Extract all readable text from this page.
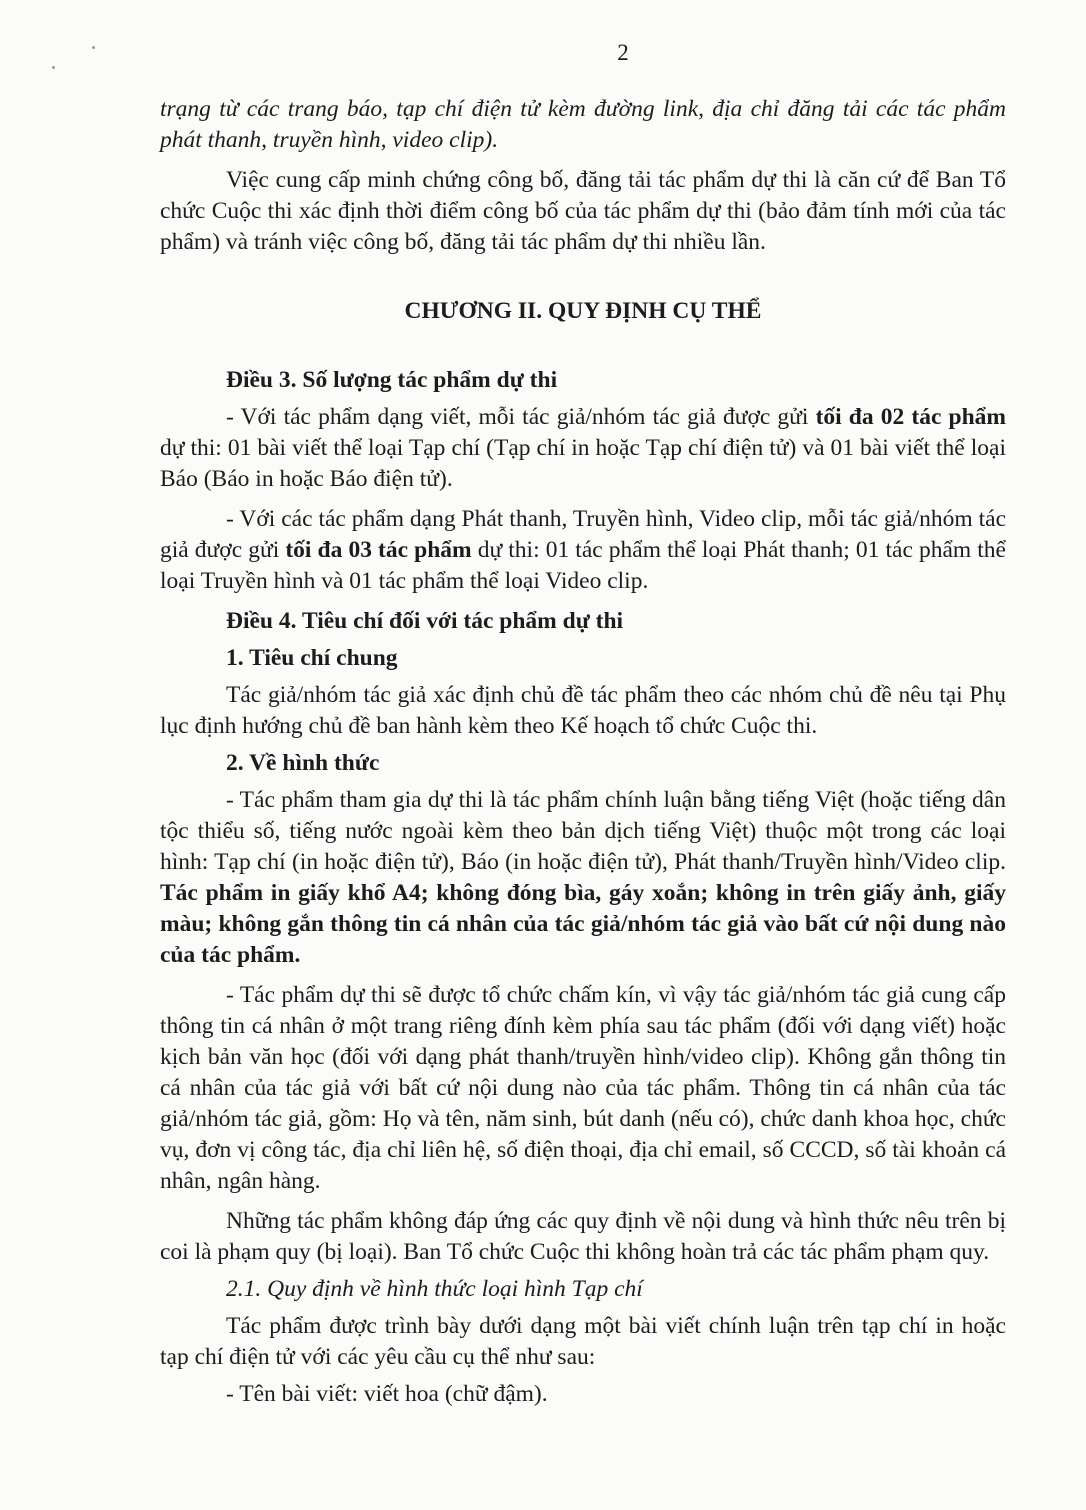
2

trạng từ các trang báo, tạp chí điện tử kèm đường link, địa chỉ đăng tải các tác phẩm phát thanh, truyền hình, video clip).

Việc cung cấp minh chứng công bố, đăng tải tác phẩm dự thi là căn cứ để Ban Tổ chức Cuộc thi xác định thời điểm công bố của tác phẩm dự thi (bảo đảm tính mới của tác phẩm) và tránh việc công bố, đăng tải tác phẩm dự thi nhiều lần.

CHƯƠNG II. QUY ĐỊNH CỤ THỂ

Điều 3. Số lượng tác phẩm dự thi

- Với tác phẩm dạng viết, mỗi tác giả/nhóm tác giả được gửi tối đa 02 tác phẩm dự thi: 01 bài viết thể loại Tạp chí (Tạp chí in hoặc Tạp chí điện tử) và 01 bài viết thể loại Báo (Báo in hoặc Báo điện tử).

- Với các tác phẩm dạng Phát thanh, Truyền hình, Video clip, mỗi tác giả/nhóm tác giả được gửi tối đa 03 tác phẩm dự thi: 01 tác phẩm thể loại Phát thanh; 01 tác phẩm thể loại Truyền hình và 01 tác phẩm thể loại Video clip.

Điều 4. Tiêu chí đối với tác phẩm dự thi

1. Tiêu chí chung

Tác giả/nhóm tác giả xác định chủ đề tác phẩm theo các nhóm chủ đề nêu tại Phụ lục định hướng chủ đề ban hành kèm theo Kế hoạch tổ chức Cuộc thi.

2. Về hình thức

- Tác phẩm tham gia dự thi là tác phẩm chính luận bằng tiếng Việt (hoặc tiếng dân tộc thiểu số, tiếng nước ngoài kèm theo bản dịch tiếng Việt) thuộc một trong các loại hình: Tạp chí (in hoặc điện tử), Báo (in hoặc điện tử), Phát thanh/Truyền hình/Video clip. Tác phẩm in giấy khổ A4; không đóng bìa, gáy xoắn; không in trên giấy ảnh, giấy màu; không gắn thông tin cá nhân của tác giả/nhóm tác giả vào bất cứ nội dung nào của tác phẩm.

- Tác phẩm dự thi sẽ được tổ chức chấm kín, vì vậy tác giả/nhóm tác giả cung cấp thông tin cá nhân ở một trang riêng đính kèm phía sau tác phẩm (đối với dạng viết) hoặc kịch bản văn học (đối với dạng phát thanh/truyền hình/video clip). Không gắn thông tin cá nhân của tác giả với bất cứ nội dung nào của tác phẩm. Thông tin cá nhân của tác giả/nhóm tác giả, gồm: Họ và tên, năm sinh, bút danh (nếu có), chức danh khoa học, chức vụ, đơn vị công tác, địa chỉ liên hệ, số điện thoại, địa chỉ email, số CCCD, số tài khoản cá nhân, ngân hàng.

Những tác phẩm không đáp ứng các quy định về nội dung và hình thức nêu trên bị coi là phạm quy (bị loại). Ban Tổ chức Cuộc thi không hoàn trả các tác phẩm phạm quy.

2.1. Quy định về hình thức loại hình Tạp chí

Tác phẩm được trình bày dưới dạng một bài viết chính luận trên tạp chí in hoặc tạp chí điện tử với các yêu cầu cụ thể như sau:

- Tên bài viết: viết hoa (chữ đậm).
